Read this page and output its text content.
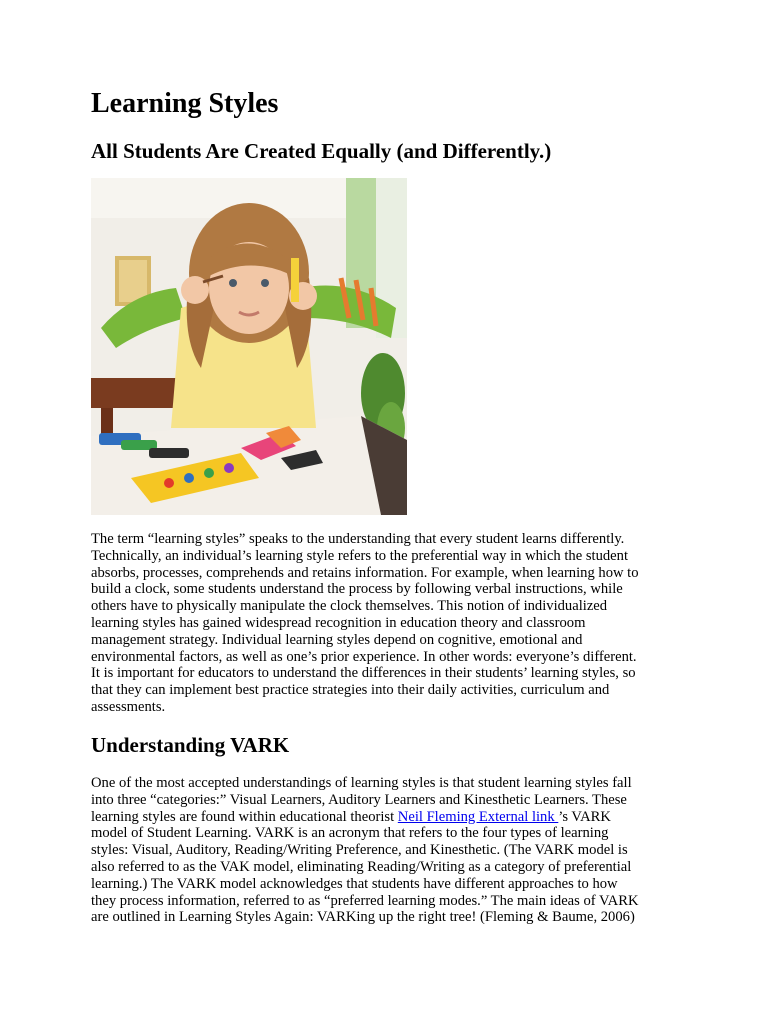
Learning Styles
All Students Are Created Equally (and Differently.)

The term “learning styles” speaks to the understanding that every student learns differently.
Technically, an individual’s learning style refers to the preferential way in which the student
absorbs, processes, comprehends and retains information. For example, when learning how to
build a clock, some students understand the process by following verbal instructions, while
others have to physically manipulate the clock themselves. This notion of individualized
learning styles has gained widespread recognition in education theory and classroom
management strategy. Individual learning styles depend on cognitive, emotional and
environmental factors, as well as one’s prior experience. In other words: everyone’s different.
It is important for educators to understand the differences in their students’ learning styles, so
that they can implement best practice strategies into their daily activities, curriculum and
assessments.

Understanding VARK

One of the most accepted understandings of learning styles is that student learning styles fall
into three “categories:” Visual Learners, Auditory Learners and Kinesthetic Learners. These
learning styles are found within educational theorist Neil Fleming External link ’s VARK
model of Student Learning. VARK is an acronym that refers to the four types of learning
styles: Visual, Auditory, Reading/Writing Preference, and Kinesthetic. (The VARK model is
also referred to as the VAK model, eliminating Reading/Writing as a category of preferential
learning.) The VARK model acknowledges that students have different approaches to how
they process information, referred to as “preferred learning modes.” The main ideas of VARK
are outlined in Learning Styles Again: VARKing up the right tree! (Fleming & Baume, 2006)
